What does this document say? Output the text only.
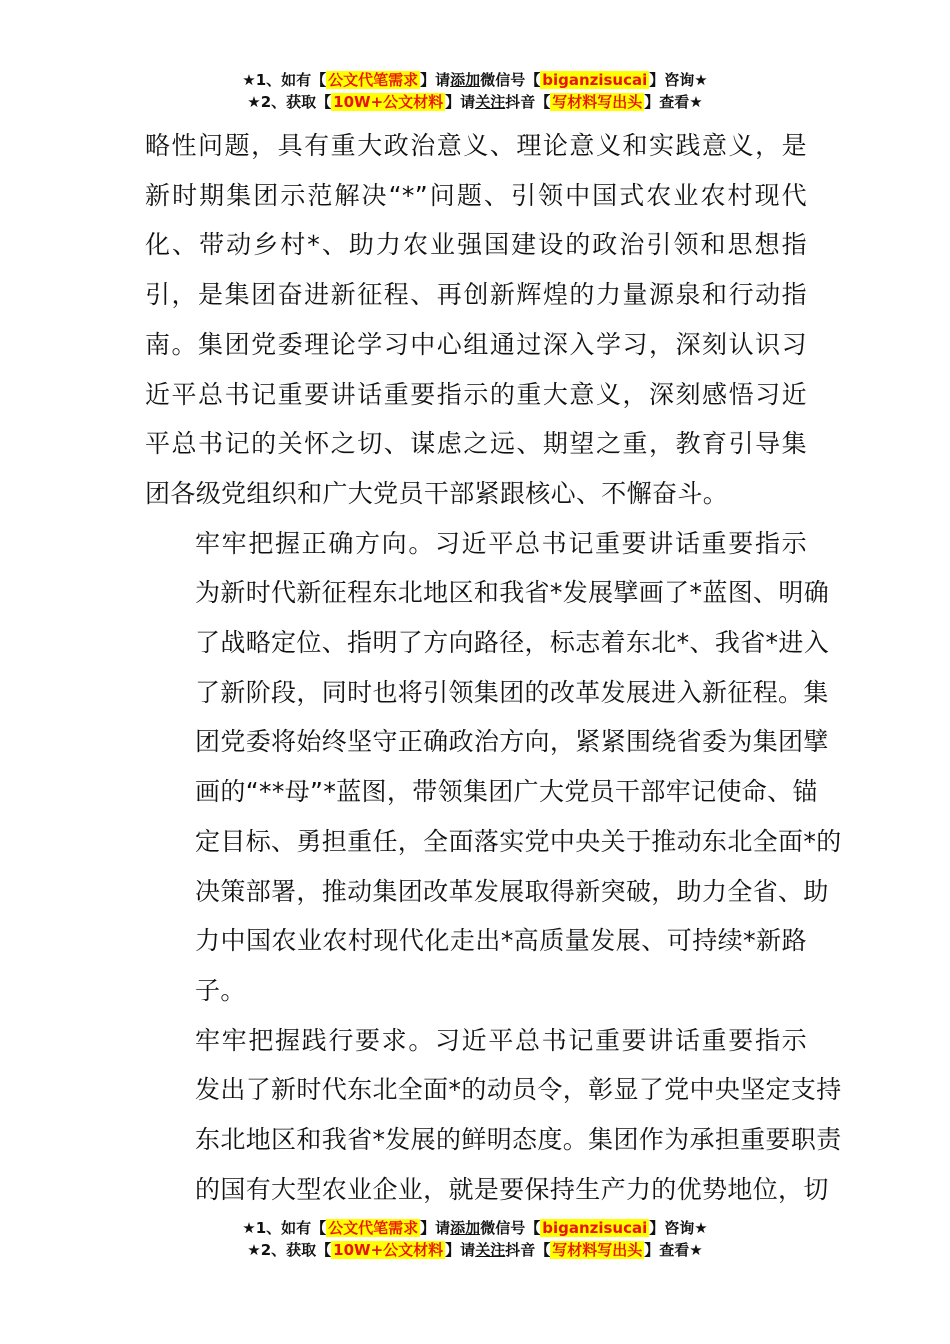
★1、如有【 公文代笔需求 】请添加微信号【 biganzisucai 】咨询★
★2、获取【 10W+公文材料 】请关注抖音【 写材料写出头 】查看★

略性问题，具有重大政治意义、理论意义和实践意义，是
新时期集团示范解决“*”问题、引领中国式农业农村现代
化、带动乡村*、助力农业强国建设的政治引领和思想指
引，是集团奋进新征程、再创新辉煌的力量源泉和行动指
南。集团党委理论学习中心组通过深入学习，深刻认识习
近平总书记重要讲话重要指示的重大意义，深刻感悟习近
平总书记的关怀之切、谋虑之远、期望之重，教育引导集
团各级党组织和广大党员干部紧跟核心、不懈奋斗。

牢牢把握正确方向。习近平总书记重要讲话重要指示
为新时代新征程东北地区和我省*发展擘画了*蓝图、明确
了战略定位、指明了方向路径，标志着东北*、我省*进入
了新阶段，同时也将引领集团的改革发展进入新征程。集
团党委将始终坚守正确政治方向，紧紧围绕省委为集团擘
画的“**母”*蓝图，带领集团广大党员干部牢记使命、锚
定目标、勇担重任，全面落实党中央关于推动东北全面*的
决策部署，推动集团改革发展取得新突破，助力全省、助
力中国农业农村现代化走出*高质量发展、可持续*新路
子。

牢牢把握践行要求。习近平总书记重要讲话重要指示
发出了新时代东北全面*的动员令，彰显了党中央坚定支持
东北地区和我省*发展的鲜明态度。集团作为承担重要职责
的国有大型农业企业，就是要保持生产力的优势地位，切

★1、如有【 公文代笔需求 】请添加微信号【 biganzisucai 】咨询★
★2、获取【 10W+公文材料 】请关注抖音【 写材料写出头 】查看★
